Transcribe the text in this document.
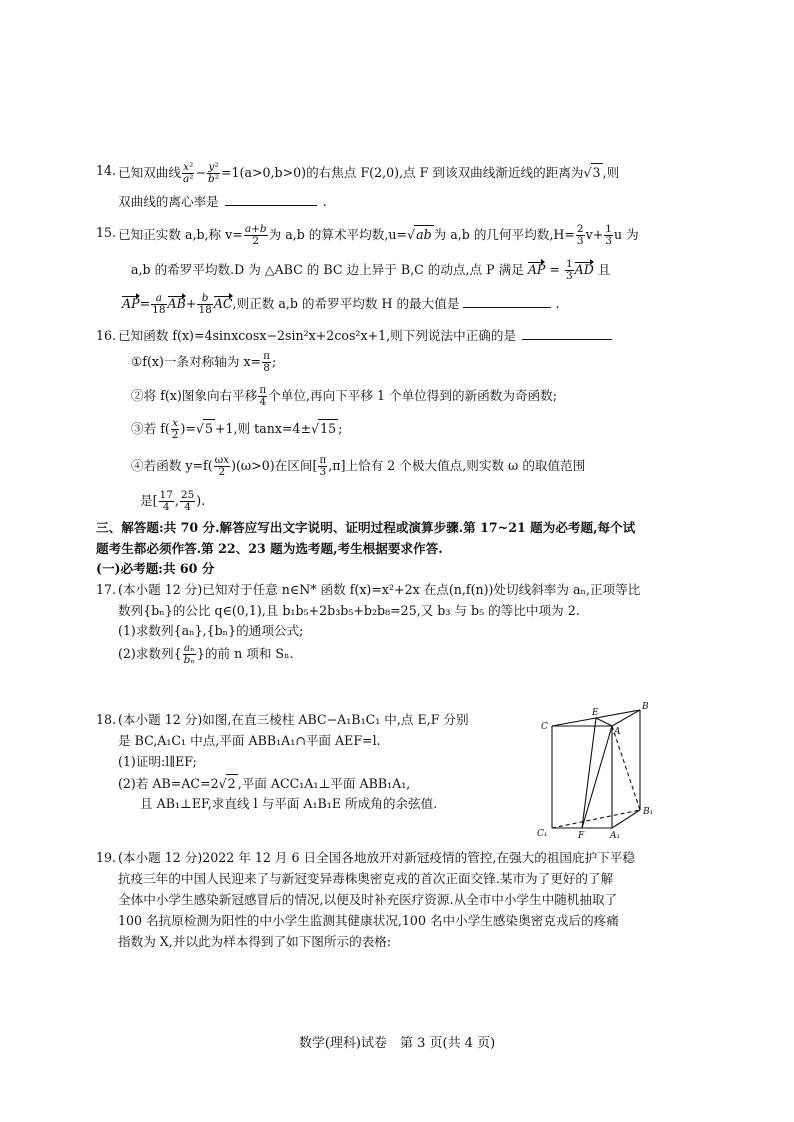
14. 已知双曲线 $\frac{\text{x²}}{\text{a²}} - \frac{\text{y²}}{\text{b²}} =1(a>0,b>0)$的右焦点 F(2,0),点 F 到该双曲线渐近线的距离为√3 ,则
双曲线的离心率是	.
15. 已知正实数 a,b,称 $v= \frac{a+b}{2}$ 为 a,b 的算术平均数,u=√ab 为 a,b 的几何平均数$,H= \frac{2}{3} v+ \frac{1}{3}$ u 为
a,b 的希罗平均数.D 为 △ABC 的 BC 边上异于 B,C 的动点,点 P 满足 AP = $\frac{1}{3}$ AD 且
$AP= \frac{a}{18} AB+ \frac{b}{18}$ AC,则正数 a,b 的希罗平均数 H 的最大值是	.
16. 已知函数 f(x)=4sinxcosx−2sin²x+2cos²x+1,则下列说法中正确的是
①f(x)一条对称轴为 $x= \frac{\pi}{8}$ ;
②将 f(x)图象向右平移 $\frac{\pi}{4}$ 个单位,再向下平移 1 个单位得到的新函数为奇函数;
③若 $f( \frac{x}{2} )=√5 +1$,则 tanx=4±√15 ;
④若函数 $y=f( \frac{\omega x}{2} )(\omega>0)$在区间[ $\frac{\pi}{3} ,\pi$]上恰有 2 个极大值点,则实数 ω 的取值范围
是[ $\frac{17}{4}$ , $\frac{25}{4}$ ).
三、解答题:共 70 分.解答应写出文字说明、证明过程或演算步骤.第 17~21 题为必考题,每个试
题考生都必须作答.第 22、23 题为选考题,考生根据要求作答.
(一)必考题:共 60 分
17. (本小题 12 分)已知对于任意 n∈N* 函数 f(x)=x²+2x 在点(n,f(n))处切线斜率为 aₙ,正项等比
数列{bₙ}的公比 q∈(0,1),且 b₁b₅+2b₃b₅+b₂b₈=25,又 b₃ 与 b₅ 的等比中项为 2.
(1)求数列{aₙ},{bₙ}的通项公式;
(2)求数列{ $\frac{\text{aₙ}}{\text{bₙ}}$ }的前 n 项和 Sₙ.
18. (本小题 12 分)如图,在直三棱柱 ABC−A₁B₁C₁ 中,点 E,F 分别
是 BC,A₁C₁ 中点,平面 ABB₁A₁∩平面 AEF=l.
(1)证明:l∥EF;
(2)若 AB=AC=2√2 ,平面 ACC₁A₁⊥平面 ABB₁A₁,
且 AB₁⊥EF,求直线 l 与平面 A₁B₁E 所成角的余弦值.
B
C
E
A
B₁
C₁	F	A₁
19. (本小题 12 分)2022 年 12 月 6 日全国各地放开对新冠疫情的管控,在强大的祖国庇护下平稳
抗疫三年的中国人民迎来了与新冠变异毒株奥密克戎的首次正面交锋.某市为了更好的了解
全体中小学生感染新冠感冒后的情况,以便及时补充医疗资源.从全市中小学生中随机抽取了
100 名抗原检测为阳性的中小学生监测其健康状况,100 名中小学生感染奥密克戎后的疼痛
指数为 X,并以此为样本得到了如下图所示的表格:
数学(理科)试卷　第 3 页(共 4 页)
